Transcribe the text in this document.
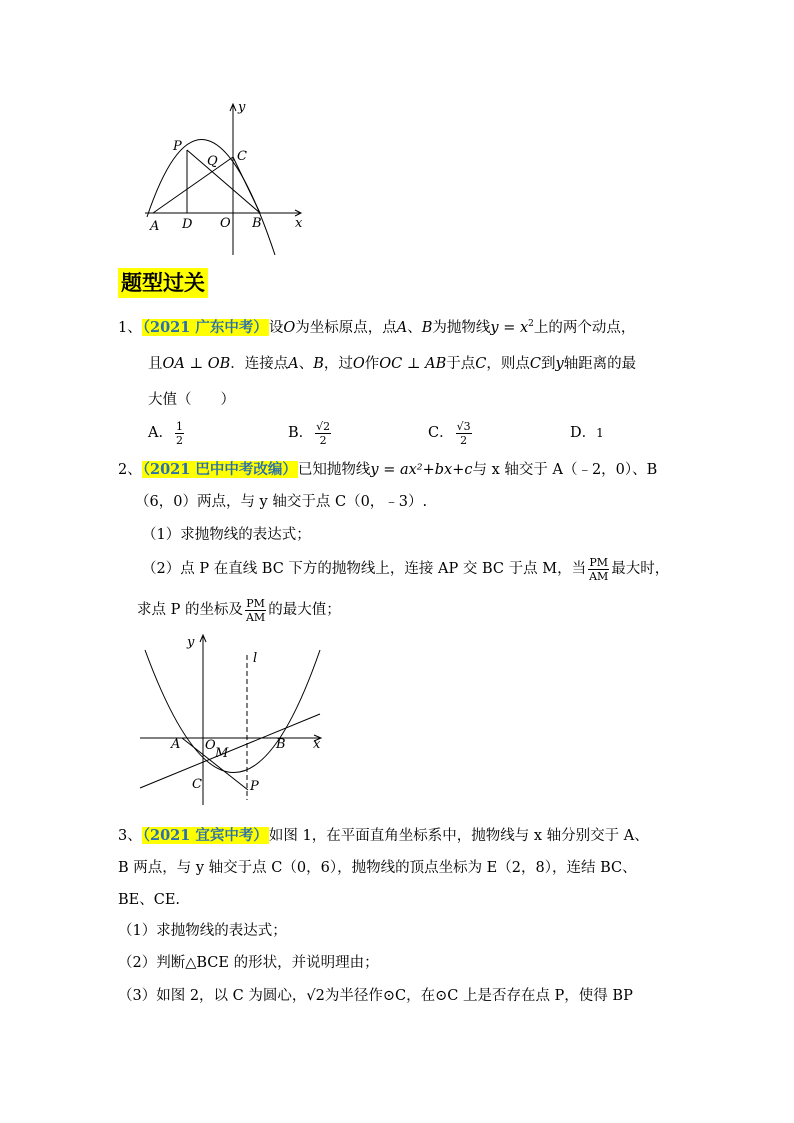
y
x
P
Q C
A D O B
题型过关
1、（2021 广东中考）设O为坐标原点，点A、B为抛物线$y = x^2$上的两个动点，
且OA ⊥ OB．连接点A、B，过O作OC ⊥ AB于点C，则点C到y轴距离的最
大值（　　）
A． $\frac{1}{2}$	B． $\frac{√2}{2}$	C． $\frac{√3}{2}$	D．1
2、（2021 巴中中考改编）已知抛物线y = ax²+bx+c与 x 轴交于 A（﹣2，0）、B
（6，0）两点，与 y 轴交于点 C（0，﹣3）.
（1）求抛物线的表达式；
（2）点 P 在直线 BC 下方的抛物线上，连接 AP 交 BC 于点 M，当 $\frac{PM}{AM}$ 最大时，
求点 P 的坐标及 $\frac{PM}{AM}$ 的最大值；
y
x
l
A O
M
B
C	P
3、（2021 宜宾中考）如图 1，在平面直角坐标系中，抛物线与 x 轴分别交于 A、
B 两点，与 y 轴交于点 C（0，6），抛物线的顶点坐标为 E（2，8），连结 BC、
BE、CE.
（1）求抛物线的表达式；
（2）判断△BCE 的形状，并说明理由；
（3）如图 2，以 C 为圆心，√2为半径作⊙C，在⊙C 上是否存在点 P，使得 BP
